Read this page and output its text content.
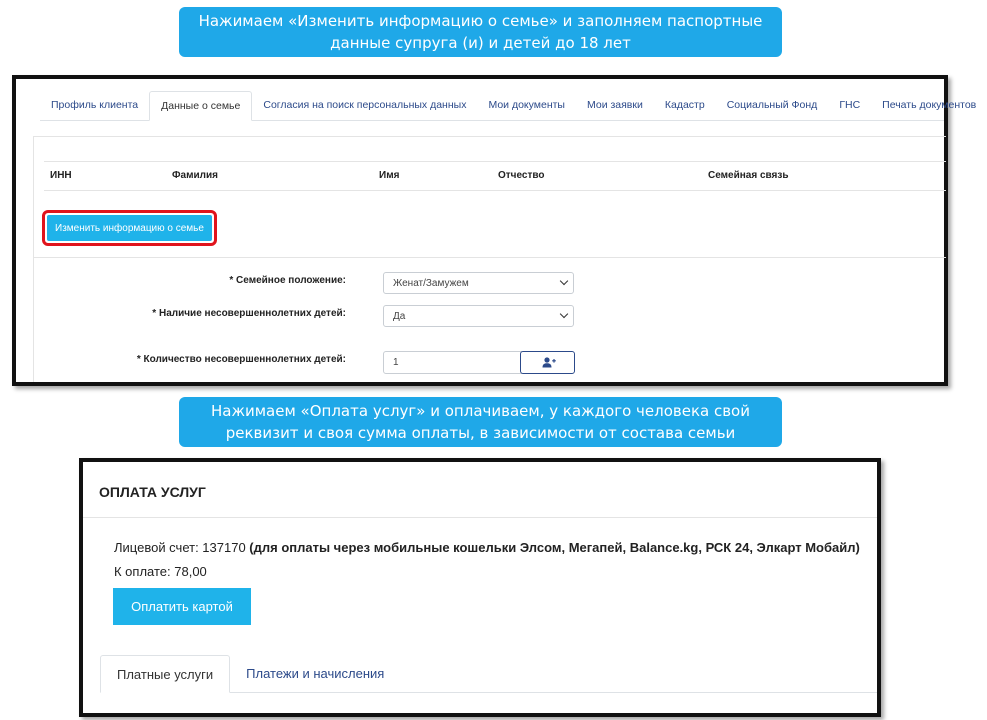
Нажимаем «Изменить информацию о семье» и заполняем паспортные
данные супруга (и) и детей до 18 лет
Профиль клиента	Данные о семье	Согласия на поиск персональных данных	Мои документы	Мои заявки	Кадастр	Социальный Фонд	ГНС	Печать документов
ИНН	Фамилия	Имя	Отчество	Семейная связь
Изменить информацию о семье
* Семейное положение:	Женат/Замужем
* Наличие несовершеннолетних детей:	Да
* Количество несовершеннолетних детей:	1
Нажимаем «Оплата услуг» и оплачиваем, у каждого человека свой
реквизит и своя сумма оплаты, в зависимости от состава семьи
ОПЛАТА УСЛУГ
Лицевой счет: 137170 (для оплаты через мобильные кошельки Элсом, Мегапей, Balance.kg, РСК 24, Элкарт Мобайл)
К оплате: 78,00
Оплатить картой
Платные услуги	Платежи и начисления
